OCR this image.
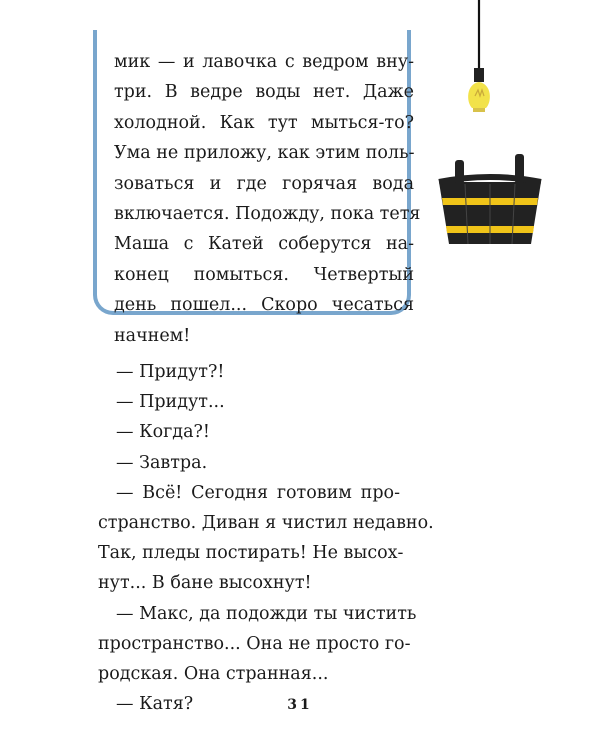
мик — и лавочка с ведром вну-
три. В ведре воды нет. Даже
холодной. Как тут мыться-то?
Ума не приложу, как этим поль-
зоваться и где горячая вода
включается. Подожду, пока тетя
Маша с Катей соберутся на-
конец помыться. Четвертый
день пошел... Скоро чесаться
начнем!
— Придут?!
— Придут...
— Когда?!
— Завтра.
— Всё! Сегодня готовим про-
странство. Диван я чистил недавно.
Так, пледы постирать! Не высох-
нут... В бане высохнут!
— Макс, да подожди ты чистить
пространство... Она не просто го-
родская. Она странная...
— Катя?	31
